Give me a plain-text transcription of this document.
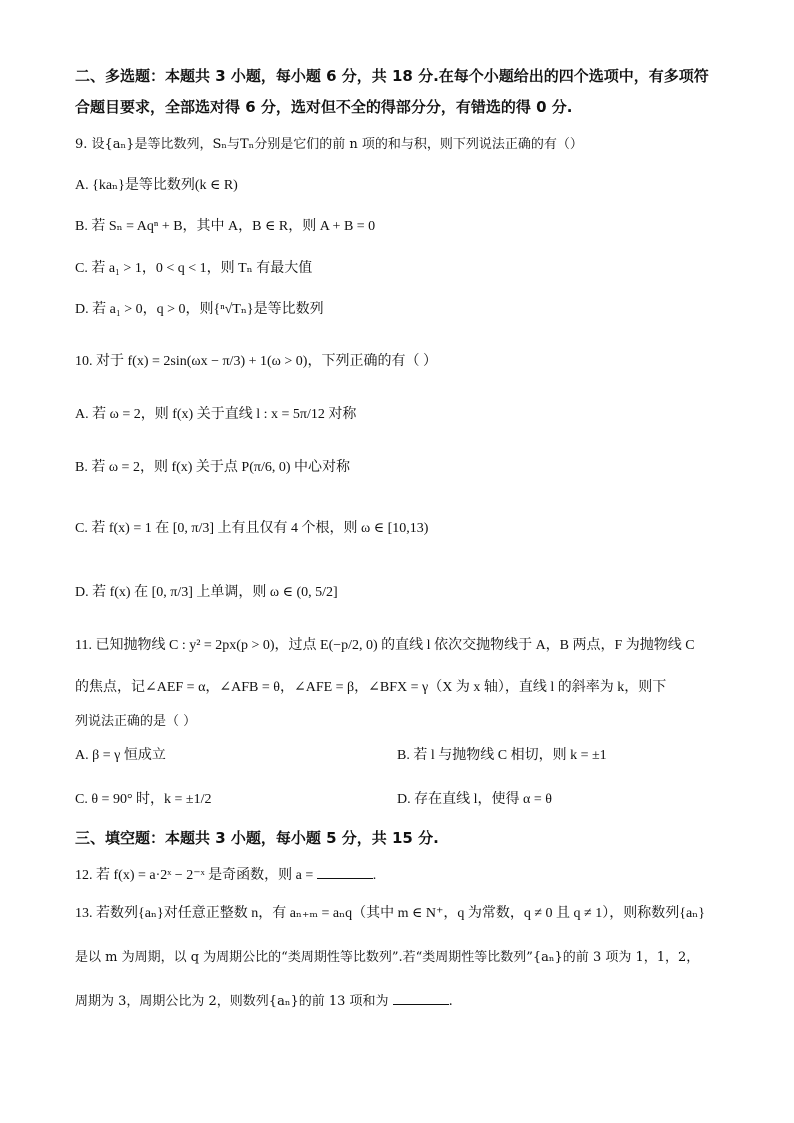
二、多选题：本题共 3 小题，每小题 6 分，共 18 分.在每个小题给出的四个选项中，有多项符
合题目要求，全部选对得 6 分，选对但不全的得部分分，有错选的得 0 分.
9. 设{aₙ}是等比数列，Sₙ与Tₙ分别是它们的前 n 项的和与积，则下列说法正确的有（）
A. {kaₙ}是等比数列(k ∈ R)
B. 若 Sₙ = Aqⁿ + B，其中 A，B ∈ R，则 A + B = 0
C. 若 a₁ > 1，0 < q < 1，则 Tₙ 有最大值
D. 若 a₁ > 0，q > 0，则{ⁿ√Tₙ}是等比数列
10. 对于 f(x) = 2sin(ωx − π/3) + 1(ω > 0)，下列正确的有（ ）
A. 若 ω = 2，则 f(x) 关于直线 l : x = 5π/12 对称
B. 若 ω = 2，则 f(x) 关于点 P(π/6, 0) 中心对称
C. 若 f(x) = 1 在 [0, π/3] 上有且仅有 4 个根，则 ω ∈ [10,13)
D. 若 f(x) 在 [0, π/3] 上单调，则 ω ∈ (0, 5/2]
11. 已知抛物线 C : y² = 2px(p > 0)，过点 E(−p/2, 0) 的直线 l 依次交抛物线于 A，B 两点，F 为抛物线 C
的焦点，记∠AEF = α，∠AFB = θ，∠AFE = β，∠BFX = γ（X 为 x 轴），直线 l 的斜率为 k，则下
列说法正确的是（ ）
A. β = γ 恒成立	B. 若 l 与抛物线 C 相切，则 k = ±1
C. θ = 90° 时，k = ±1/2	D. 存在直线 l，使得 α = θ
三、填空题：本题共 3 小题，每小题 5 分，共 15 分.
12. 若 f(x) = a·2ˣ − 2⁻ˣ 是奇函数，则 a =	.
13. 若数列{aₙ}对任意正整数 n，有 aₙ₊ₘ = aₙq（其中 m ∈ N⁺，q 为常数，q ≠ 0 且 q ≠ 1），则称数列{aₙ}
是以 m 为周期，以 q 为周期公比的“类周期性等比数列”.若“类周期性等比数列”{aₙ}的前 3 项为 1，1，2，
周期为 3，周期公比为 2，则数列{aₙ}的前 13 项和为	.
